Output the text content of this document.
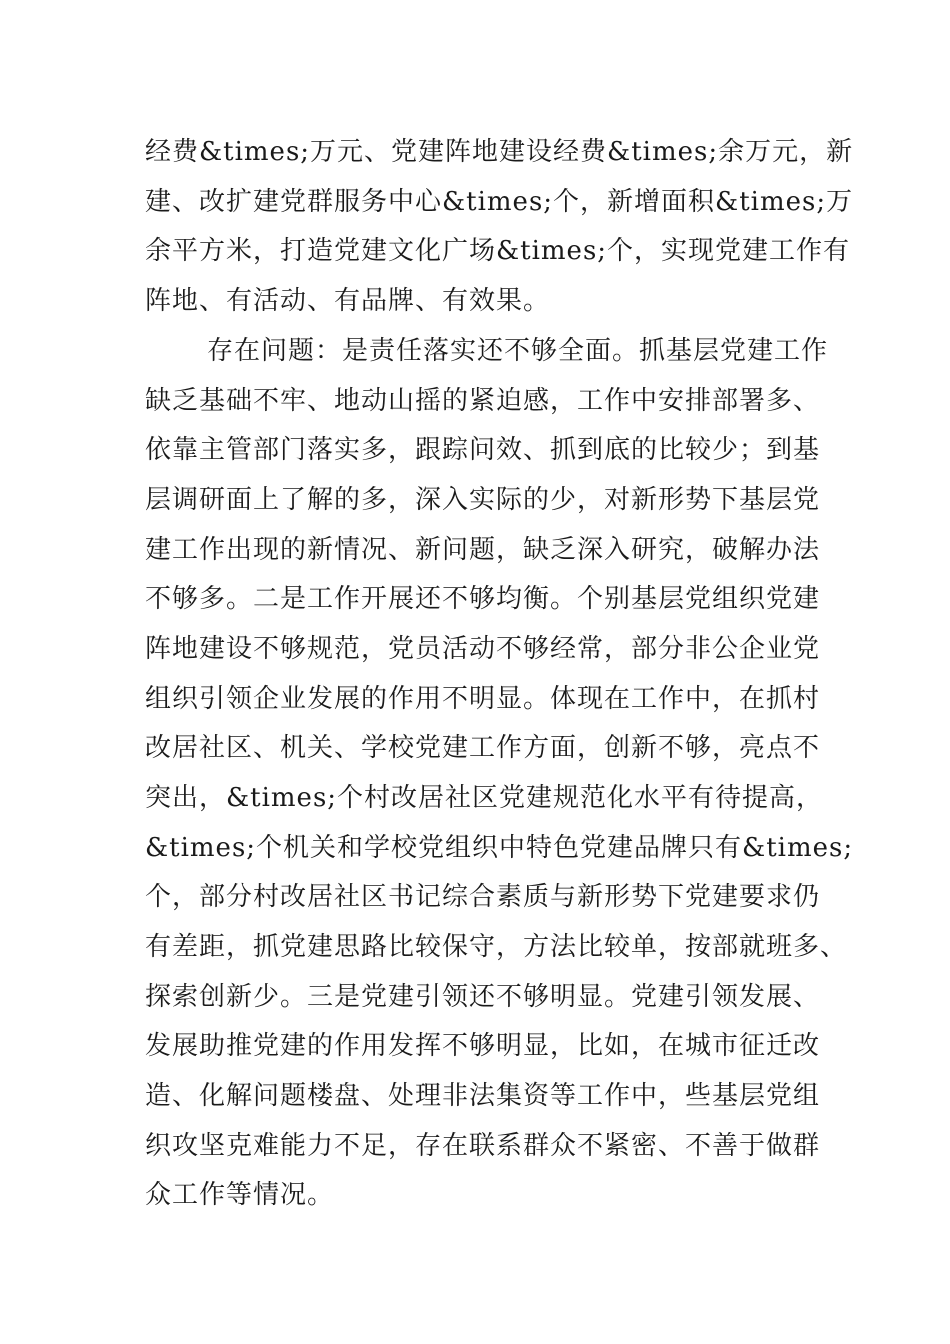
经费&times;万元、党建阵地建设经费&times;余万元，新
建、改扩建党群服务中心&times;个，新增面积&times;万
余平方米，打造党建文化广场&times;个，实现党建工作有
阵地、有活动、有品牌、有效果。
存在问题：是责任落实还不够全面。抓基层党建工作
缺乏基础不牢、地动山摇的紧迫感，工作中安排部署多、
依靠主管部门落实多，跟踪问效、抓到底的比较少；到基
层调研面上了解的多，深入实际的少，对新形势下基层党
建工作出现的新情况、新问题，缺乏深入研究，破解办法
不够多。二是工作开展还不够均衡。个别基层党组织党建
阵地建设不够规范，党员活动不够经常，部分非公企业党
组织引领企业发展的作用不明显。体现在工作中，在抓村
改居社区、机关、学校党建工作方面，创新不够，亮点不
突出，&times;个村改居社区党建规范化水平有待提高，
&times;个机关和学校党组织中特色党建品牌只有&times;
个，部分村改居社区书记综合素质与新形势下党建要求仍
有差距，抓党建思路比较保守，方法比较单，按部就班多、
探索创新少。三是党建引领还不够明显。党建引领发展、
发展助推党建的作用发挥不够明显，比如，在城市征迁改
造、化解问题楼盘、处理非法集资等工作中，些基层党组
织攻坚克难能力不足，存在联系群众不紧密、不善于做群
众工作等情况。
